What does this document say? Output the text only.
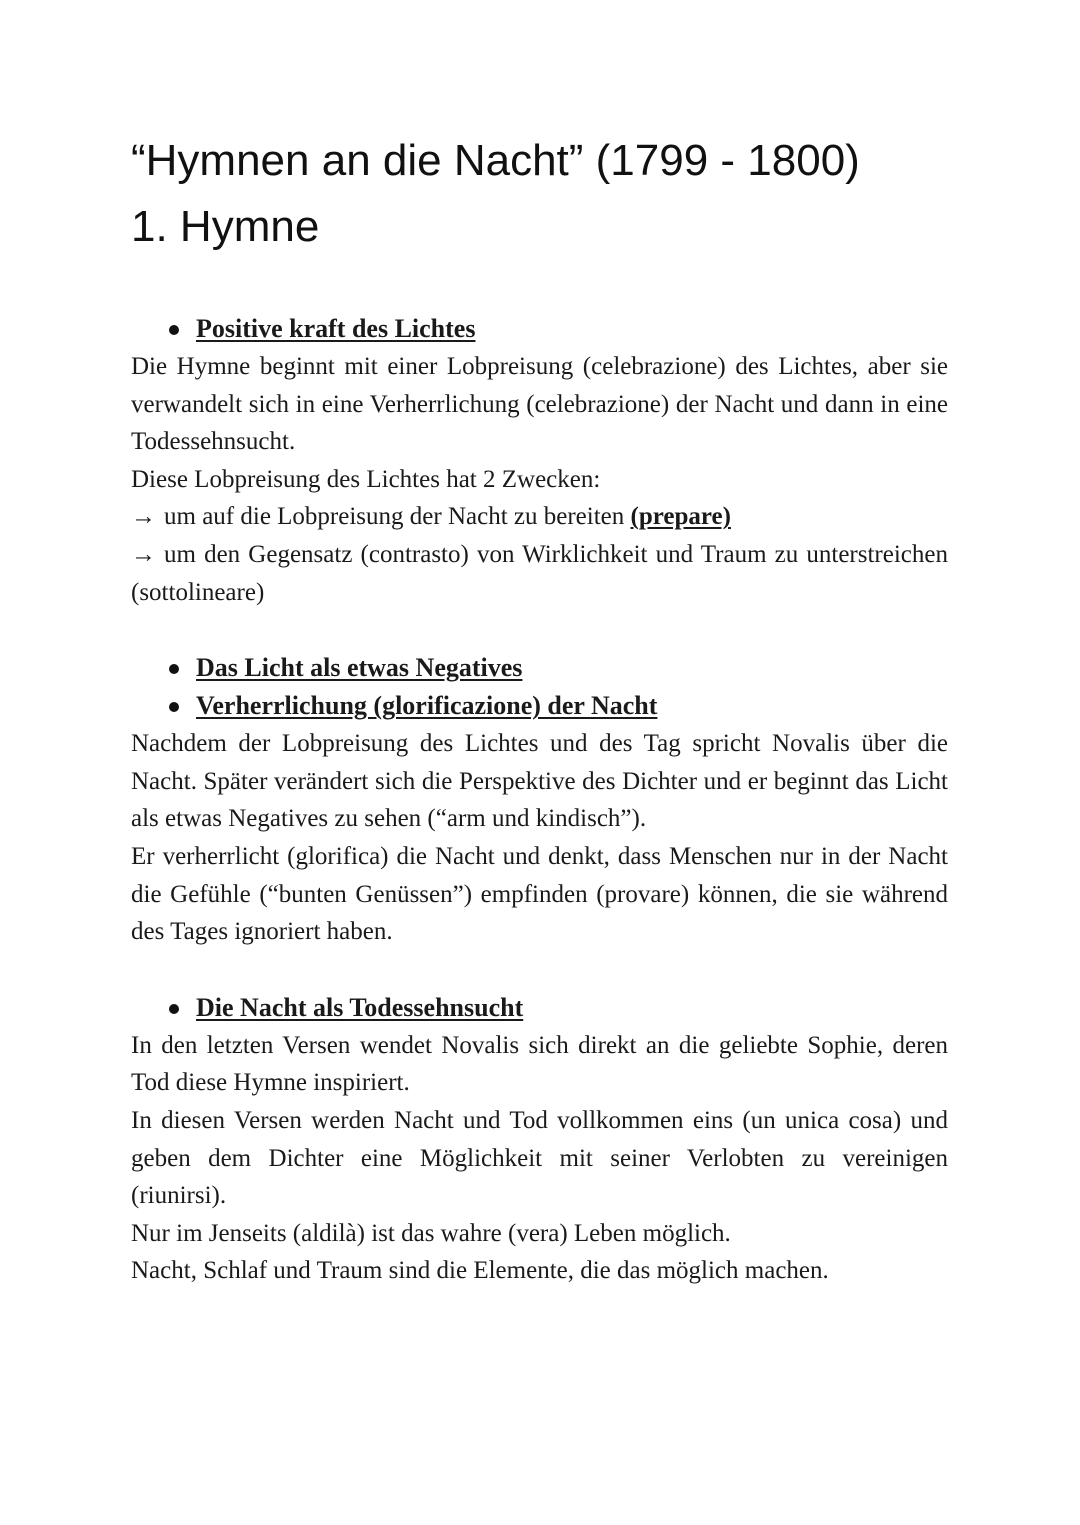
“Hymnen an die Nacht” (1799 - 1800)
1. Hymne
Positive kraft des Lichtes

Die Hymne beginnt mit einer Lobpreisung (celebrazione) des Lichtes, aber sie verwandelt sich in eine Verherrlichung (celebrazione) der Nacht und dann in eine Todessehnsucht.

Diese Lobpreisung des Lichtes hat 2 Zwecken:

→ um auf die Lobpreisung der Nacht zu bereiten (prepare)

→ um den Gegensatz (contrasto) von Wirklichkeit und Traum zu unterstreichen (sottolineare)

Das Licht als etwas Negatives
Verherrlichung (glorificazione) der Nacht

Nachdem der Lobpreisung des Lichtes und des Tag spricht Novalis über die Nacht. Später verändert sich die Perspektive des Dichter und er beginnt das Licht als etwas Negatives zu sehen (“arm und kindisch”).

Er verherrlicht (glorifica) die Nacht und denkt, dass Menschen nur in der Nacht die Gefühle (“bunten Genüssen”) empfinden (provare) können, die sie während des Tages ignoriert haben.

Die Nacht als Todessehnsucht

In den letzten Versen wendet Novalis sich direkt an die geliebte Sophie, deren Tod diese Hymne inspiriert.

In diesen Versen werden Nacht und Tod vollkommen eins (un unica cosa) und geben dem Dichter eine Möglichkeit mit seiner Verlobten zu vereinigen (riunirsi).

Nur im Jenseits (aldilà) ist das wahre (vera) Leben möglich.

Nacht, Schlaf und Traum sind die Elemente, die das möglich machen.
